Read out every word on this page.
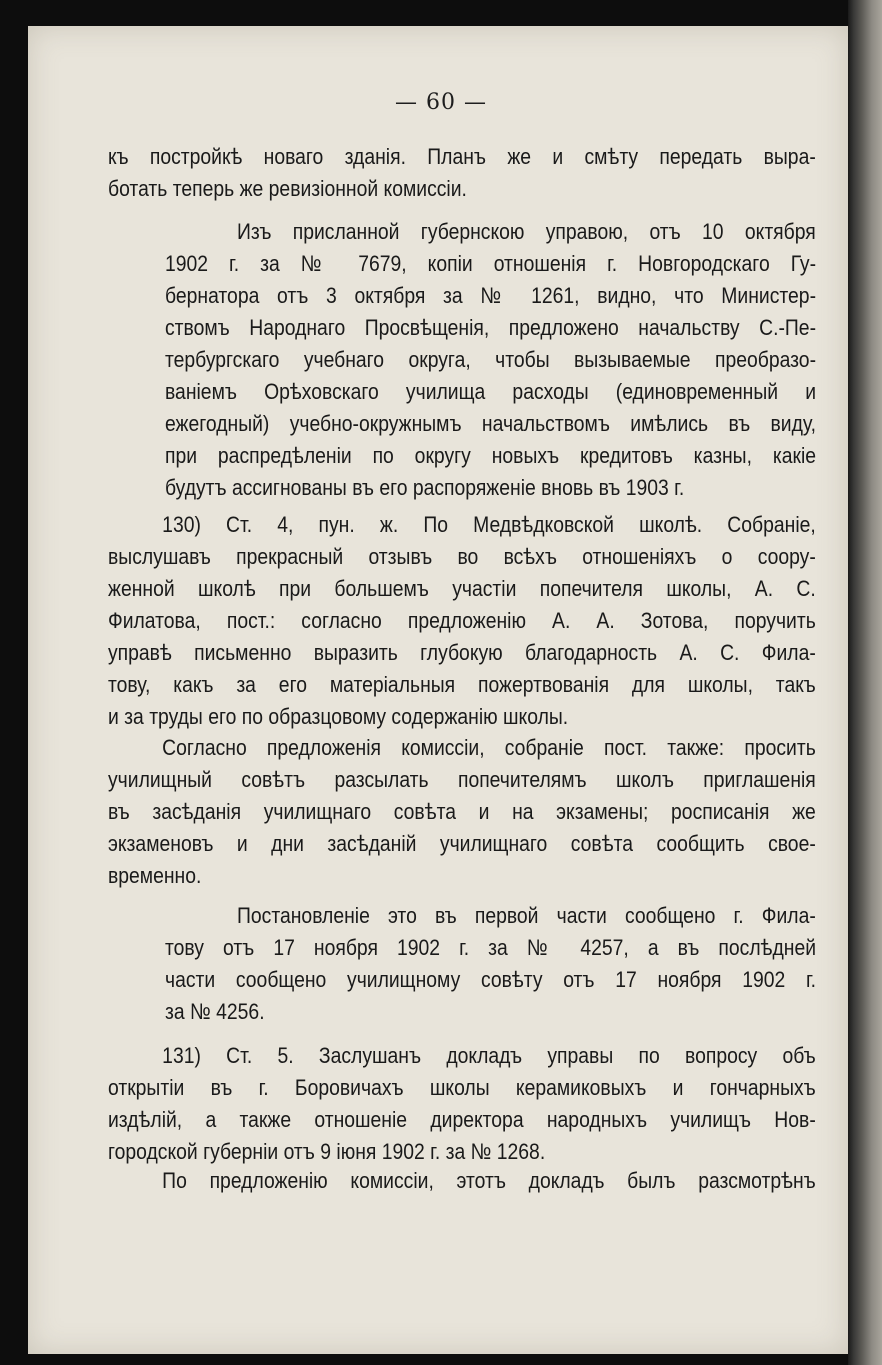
— 60 —
къ постройкѣ новаго зданія. Планъ же и смѣту передать выра-
ботать теперь же ревизіонной комиссіи.
Изъ присланной губернскою управою, отъ 10 октября
1902 г. за № 7679, копіи отношенія г. Новгородскаго Гу-
бернатора отъ 3 октября за № 1261, видно, что Министер-
ствомъ Народнаго Просвѣщенія, предложено начальству С.-Пе-
тербургскаго учебнаго округа, чтобы вызываемые преобразо-
ваніемъ Орѣховскаго училища расходы (единовременный и
ежегодный) учебно-окружнымъ начальствомъ имѣлись въ виду,
при распредѣленіи по округу новыхъ кредитовъ казны, какіе
будутъ ассигнованы въ его распоряженіе вновь въ 1903 г.
130) Ст. 4, пун. ж. По Медвѣдковской школѣ. Собраніе,
выслушавъ прекрасный отзывъ во всѣхъ отношеніяхъ о соору-
женной школѣ при большемъ участіи попечителя школы, А. С.
Филатова, пост.: согласно предложенію А. А. Зотова, поручить
управѣ письменно выразить глубокую благодарность А. С. Фила-
тову, какъ за его матеріальныя пожертвованія для школы, такъ
и за труды его по образцовому содержанію школы.
Согласно предложенія комиссіи, собраніе пост. также: просить
училищный совѣтъ разсылать попечителямъ школъ приглашенія
въ засѣданія училищнаго совѣта и на экзамены; росписанія же
экзаменовъ и дни засѣданій училищнаго совѣта сообщить свое-
временно.
Постановленіе это въ первой части сообщено г. Фила-
тову отъ 17 ноября 1902 г. за № 4257, а въ послѣдней
части сообщено училищному совѣту отъ 17 ноября 1902 г.
за № 4256.
131) Ст. 5. Заслушанъ докладъ управы по вопросу объ
открытіи въ г. Боровичахъ школы керамиковыхъ и гончарныхъ
издѣлій, а также отношеніе директора народныхъ училищъ Нов-
городской губерніи отъ 9 іюня 1902 г. за № 1268.
По предложенію комиссіи, этотъ докладъ былъ разсмотрѣнъ
